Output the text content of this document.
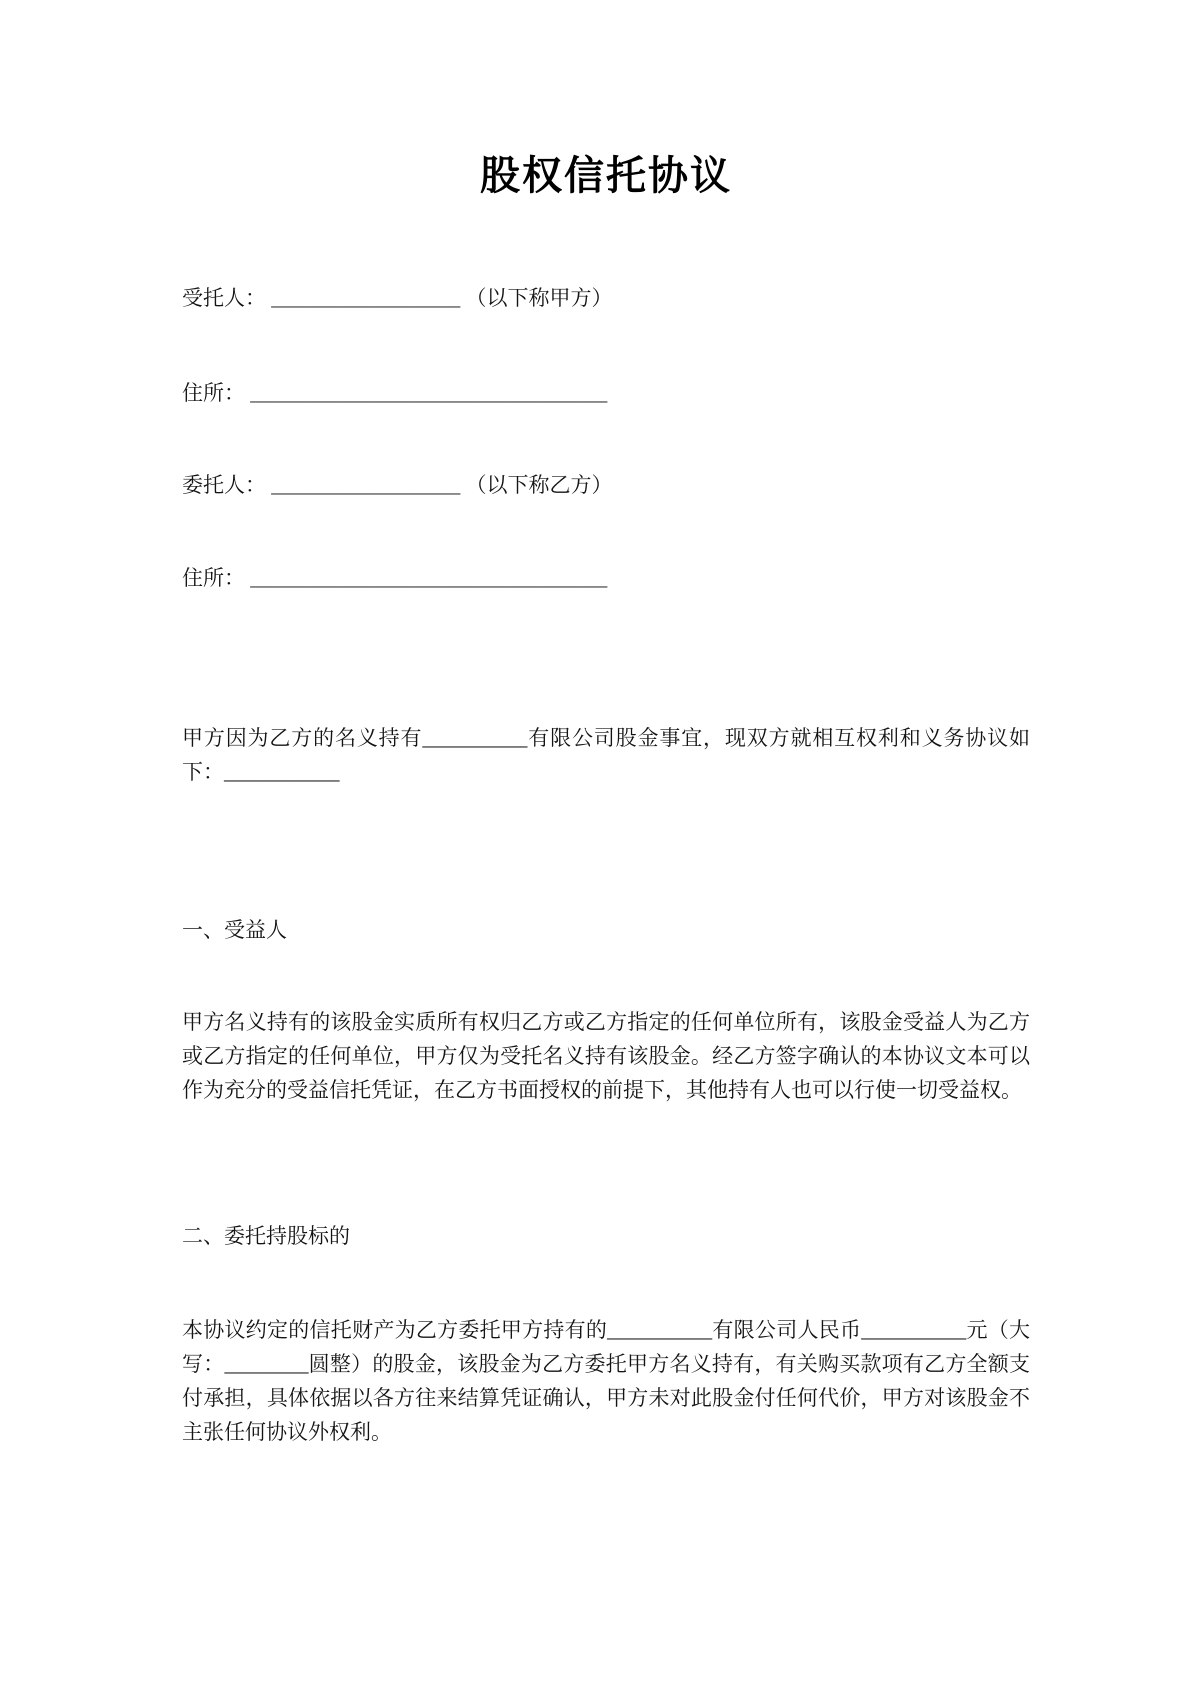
股权信托协议
受托人： __________________ （以下称甲方）
住所： __________________________________
委托人： __________________ （以下称乙方）
住所： __________________________________

甲方因为乙方的名义持有__________有限公司股金事宜，现双方就相互权利和义务协议如下：___________

一、受益人

甲方名义持有的该股金实质所有权归乙方或乙方指定的任何单位所有，该股金受益人为乙方或乙方指定的任何单位，甲方仅为受托名义持有该股金。经乙方签字确认的本协议文本可以作为充分的受益信托凭证，在乙方书面授权的前提下，其他持有人也可以行使一切受益权。

二、委托持股标的

本协议约定的信托财产为乙方委托甲方持有的__________有限公司人民币__________元（大写：________圆整）的股金，该股金为乙方委托甲方名义持有，有关购买款项有乙方全额支付承担，具体依据以各方往来结算凭证确认，甲方未对此股金付任何代价，甲方对该股金不主张任何协议外权利。
